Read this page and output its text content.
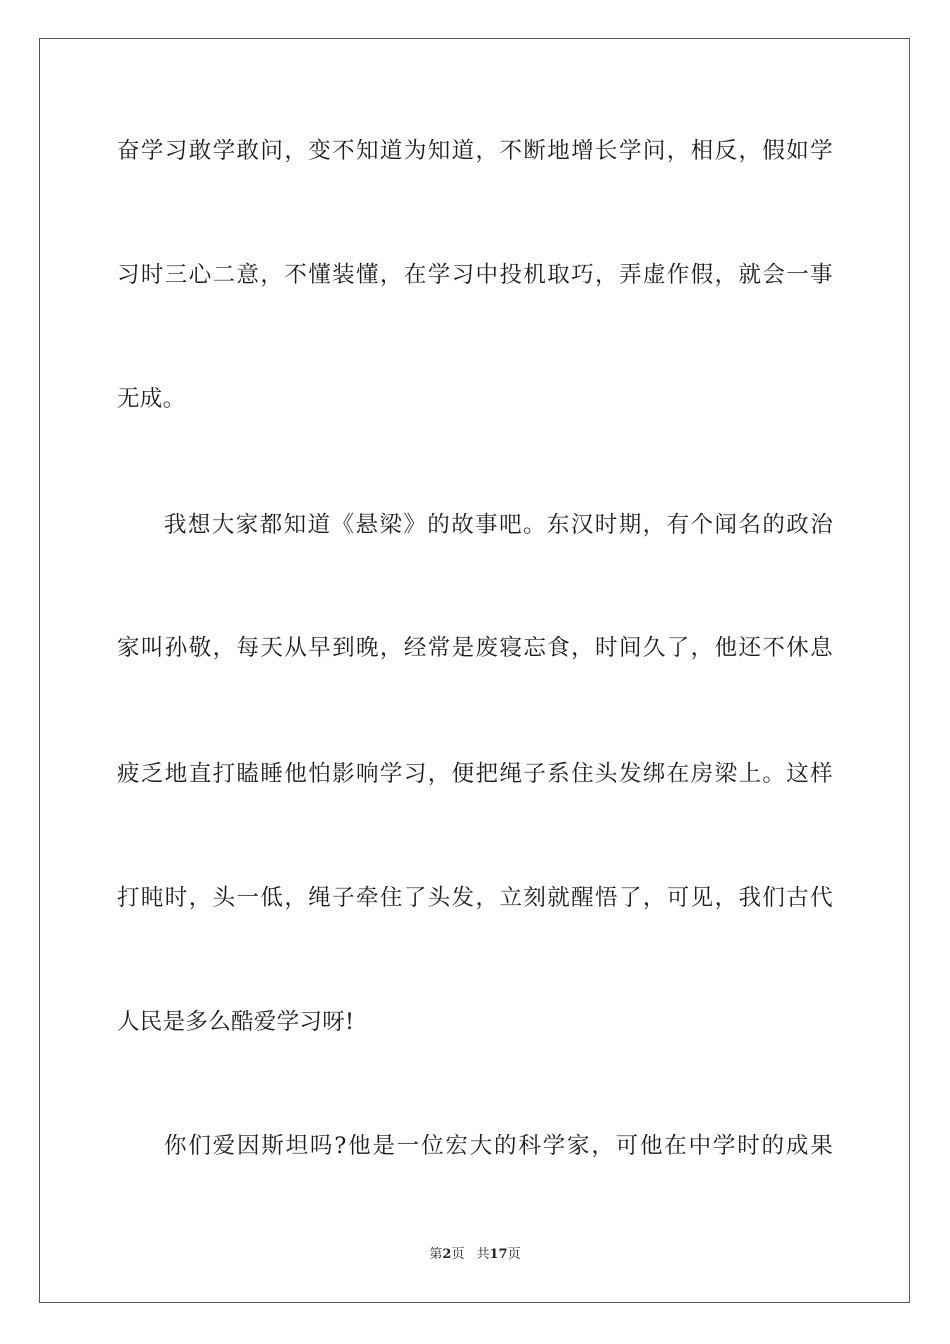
奋学习敢学敢问，变不知道为知道，不断地增长学问，相反，假如学
习时三心二意，不懂装懂，在学习中投机取巧，弄虚作假，就会一事
无成。
我想大家都知道《悬梁》的故事吧。东汉时期，有个闻名的政治
家叫孙敬，每天从早到晚，经常是废寝忘食，时间久了，他还不休息
疲乏地直打瞌睡他怕影响学习，便把绳子系住头发绑在房梁上。这样
打盹时，头一低，绳子牵住了头发，立刻就醒悟了，可见，我们古代
人民是多么酷爱学习呀!
你们爱因斯坦吗?他是一位宏大的科学家，可他在中学时的成果
第2页 共17页
